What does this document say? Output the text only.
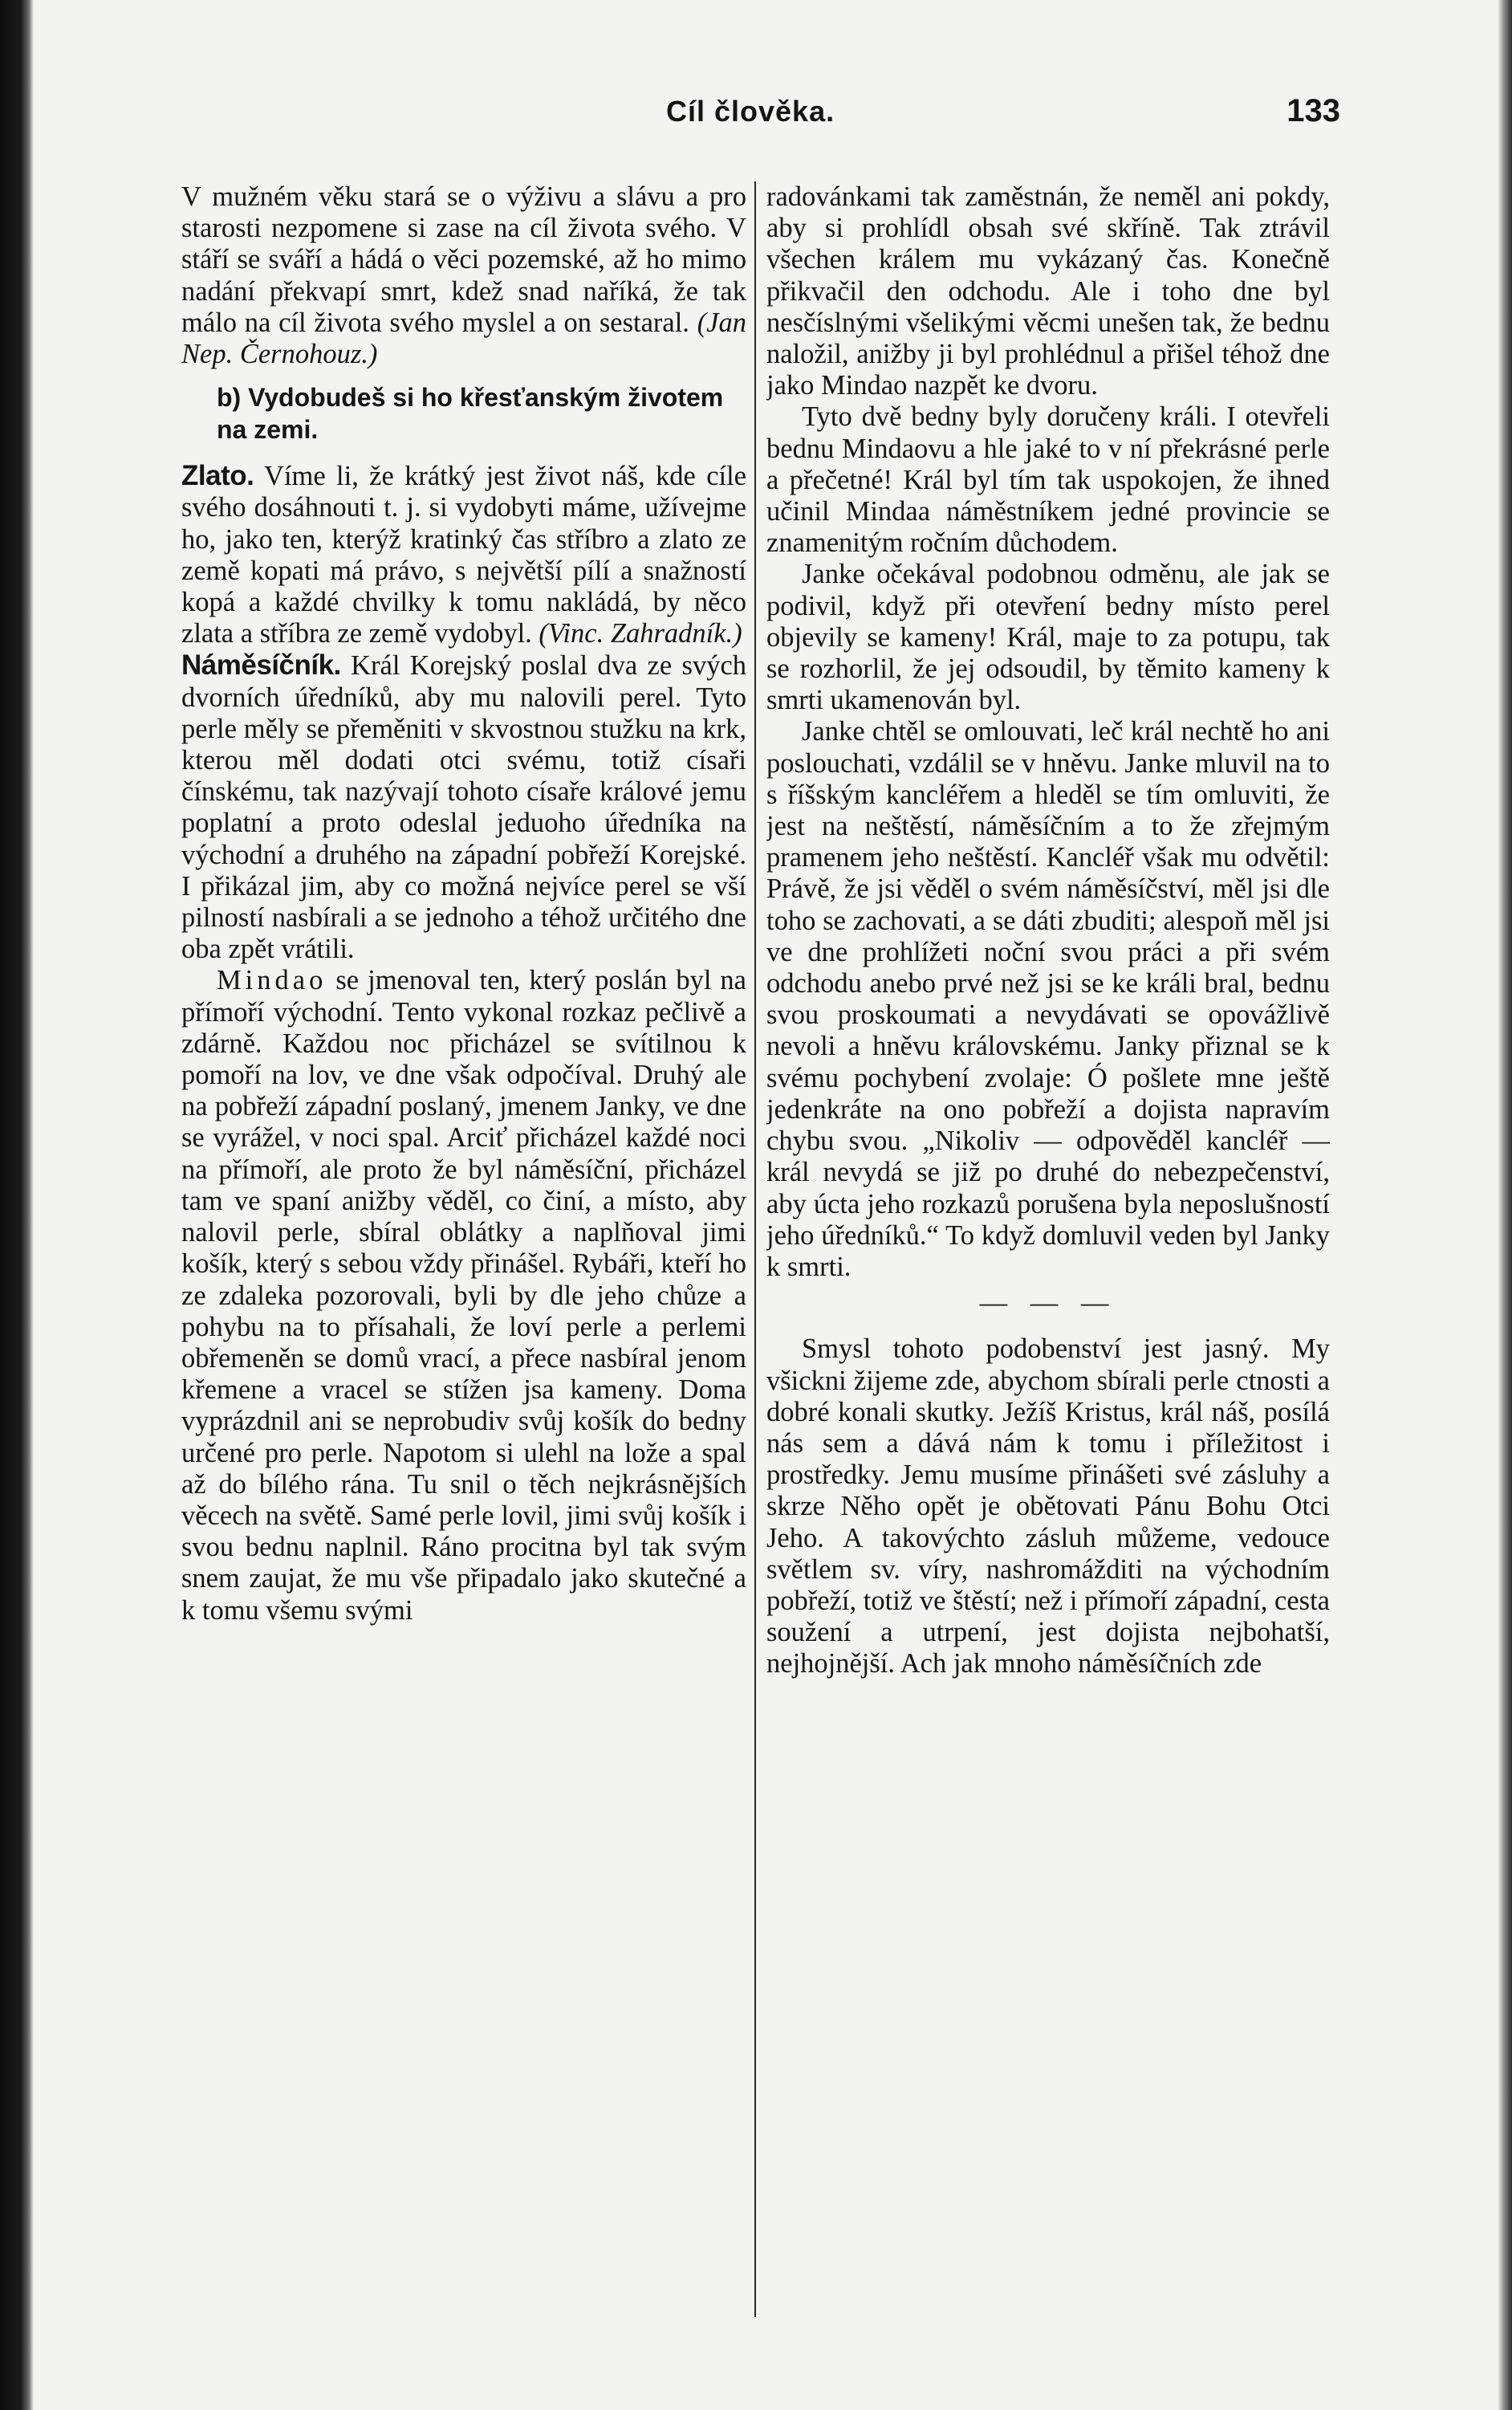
Cíl člověka.	133

V mužném věku stará se o výživu a slávu a pro starosti nezpomene si zase na cíl života svého. V stáří se sváří a hádá o věci pozemské, až ho mimo nadání překvapí smrt, kdež snad naříká, že tak málo na cíl života svého myslel a on sestaral. (Jan Nep. Černohouz.)

b) Vydobudeš si ho křesťanským životem na zemi.

Zlato. Víme li, že krátký jest život náš, kde cíle svého dosáhnouti t. j. si vydobyti máme, užívejme ho, jako ten, kterýž kratinký čas stříbro a zlato ze země kopati má právo, s největší pílí a snažností kopá a každé chvilky k tomu nakládá, by něco zlata a stříbra ze země vydobyl. (Vinc. Zahradník.)

Náměsíčník. Král Korejský poslal dva ze svých dvorních úředníků, aby mu nalovili perel. Tyto perle měly se přeměniti v skvostnou stužku na krk, kterou měl dodati otci svému, totiž císaři čínskému, tak nazývají tohoto císaře králové jemu poplatní a proto odeslal jeduoho úředníka na východní a druhého na západní pobřeží Korejské. I přikázal jim, aby co možná nejvíce perel se vší pilností nasbírali a se jednoho a téhož určitého dne oba zpět vrátili.

Mindao se jmenoval ten, který poslán byl na přímoří východní. Tento vykonal rozkaz pečlivě a zdárně. Každou noc přicházel se svítilnou k pomoří na lov, ve dne však odpočíval. Druhý ale na pobřeží západní poslaný, jmenem Janky, ve dne se vyrážel, v noci spal. Arciť přicházel každé noci na přímoří, ale proto že byl náměsíční, přicházel tam ve spaní anižby věděl, co činí, a místo, aby nalovil perle, sbíral oblátky a naplňoval jimi košík, který s sebou vždy přinášel. Rybáři, kteří ho ze zdaleka pozorovali, byli by dle jeho chůze a pohybu na to přísahali, že loví perle a perlemi obřemeněn se domů vrací, a přece nasbíral jenom křemene a vracel se stížen jsa kameny. Doma vyprázdnil ani se neprobudiv svůj košík do bedny určené pro perle. Napotom si ulehl na lože a spal až do bílého rána. Tu snil o těch nejkrásnějších věcech na světě. Samé perle lovil, jimi svůj košík i svou bednu naplnil. Ráno procitna byl tak svým snem zaujat, že mu vše připadalo jako skutečné a k tomu všemu svými

radovánkami tak zaměstnán, že neměl ani pokdy, aby si prohlídl obsah své skříně. Tak ztrávil všechen králem mu vykázaný čas. Konečně přikvačil den odchodu. Ale i toho dne byl nesčíslnými všelikými věcmi unešen tak, že bednu naložil, anižby ji byl prohlédnul a přišel téhož dne jako Mindao nazpět ke dvoru.

Tyto dvě bedny byly doručeny králi. I otevřeli bednu Mindaovu a hle jaké to v ní překrásné perle a přečetné! Král byl tím tak uspokojen, že ihned učinil Mindaa náměstníkem jedné provincie se znamenitým ročním důchodem.

Janke očekával podobnou odměnu, ale jak se podivil, když při otevření bedny místo perel objevily se kameny! Král, maje to za potupu, tak se rozhorlil, že jej odsoudil, by těmito kameny k smrti ukamenován byl.

Janke chtěl se omlouvati, leč král nechtě ho ani poslouchati, vzdálil se v hněvu. Janke mluvil na to s říšským kancléřem a hleděl se tím omluviti, že jest na neštěstí, náměsíčním a to že zřejmým pramenem jeho neštěstí. Kancléř však mu odvětil: Právě, že jsi věděl o svém náměsíčství, měl jsi dle toho se zachovati, a se dáti zbuditi; alespoň měl jsi ve dne prohlížeti noční svou práci a při svém odchodu anebo prvé než jsi se ke králi bral, bednu svou proskoumati a nevydávati se opovážlivě nevoli a hněvu královskému. Janky přiznal se k svému pochybení zvolaje: Ó pošlete mne ještě jedenkráte na ono pobřeží a dojista napravím chybu svou. „Nikoliv — odpověděl kancléř — král nevydá se již po druhé do nebezpečenství, aby úcta jeho rozkazů porušena byla neposlušností jeho úředníků.“ To když domluvil veden byl Janky k smrti.

— — —

Smysl tohoto podobenství jest jasný. My všickni žijeme zde, abychom sbírali perle ctnosti a dobré konali skutky. Ježíš Kristus, král náš, posílá nás sem a dává nám k tomu i příležitost i prostředky. Jemu musíme přinášeti své zásluhy a skrze Něho opět je obětovati Pánu Bohu Otci Jeho. A takovýchto zásluh můžeme, vedouce světlem sv. víry, nashromážditi na východním pobřeží, totiž ve štěstí; než i přímoří západní, cesta soužení a utrpení, jest dojista nejbohatší, nejhojnější. Ach jak mnoho náměsíčních zde
